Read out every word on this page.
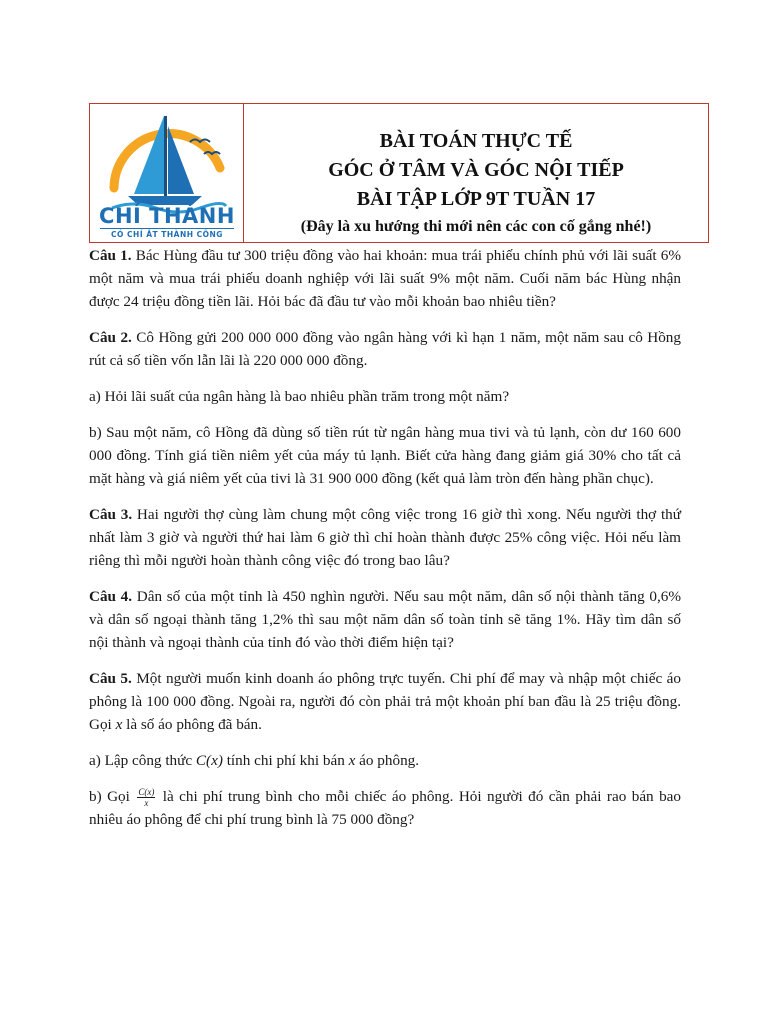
CHÍ THÀNH
CÓ CHÍ ẮT THÀNH CÔNG
BÀI TOÁN THỰC TẾ
GÓC Ở TÂM VÀ GÓC NỘI TIẾP
BÀI TẬP LỚP 9T TUẦN 17
(Đây là xu hướng thi mới nên các con cố gắng nhé!)

Câu 1. Bác Hùng đầu tư 300 triệu đồng vào hai khoản: mua trái phiếu chính phủ với lãi suất 6% một năm và mua trái phiếu doanh nghiệp với lãi suất 9% một năm. Cuối năm bác Hùng nhận được 24 triệu đồng tiền lãi. Hỏi bác đã đầu tư vào mỗi khoản bao nhiêu tiền?

Câu 2. Cô Hồng gửi 200 000 000 đồng vào ngân hàng với kì hạn 1 năm, một năm sau cô Hồng rút cả số tiền vốn lẫn lãi là 220 000 000 đồng.

a) Hỏi lãi suất của ngân hàng là bao nhiêu phần trăm trong một năm?

b) Sau một năm, cô Hồng đã dùng số tiền rút từ ngân hàng mua tivi và tủ lạnh, còn dư 160 600 000 đồng. Tính giá tiền niêm yết của máy tủ lạnh. Biết cửa hàng đang giảm giá 30% cho tất cả mặt hàng và giá niêm yết của tivi là 31 900 000 đồng (kết quả làm tròn đến hàng phần chục).

Câu 3. Hai người thợ cùng làm chung một công việc trong 16 giờ thì xong. Nếu người thợ thứ nhất làm 3 giờ và người thứ hai làm 6 giờ thì chỉ hoàn thành được 25% công việc. Hỏi nếu làm riêng thì mỗi người hoàn thành công việc đó trong bao lâu?

Câu 4. Dân số của một tỉnh là 450 nghìn người. Nếu sau một năm, dân số nội thành tăng 0,6% và dân số ngoại thành tăng 1,2% thì sau một năm dân số toàn tỉnh sẽ tăng 1%. Hãy tìm dân số nội thành và ngoại thành của tỉnh đó vào thời điểm hiện tại?

Câu 5. Một người muốn kinh doanh áo phông trực tuyến. Chi phí để may và nhập một chiếc áo phông là 100 000 đồng. Ngoài ra, người đó còn phải trả một khoản phí ban đầu là 25 triệu đồng. Gọi x là số áo phông đã bán.

a) Lập công thức C(x) tính chi phí khi bán x áo phông.

b) Gọi $\frac{C(x)}{x}$ là chi phí trung bình cho mỗi chiếc áo phông. Hỏi người đó cần phải rao bán bao nhiêu áo phông để chi phí trung bình là 75 000 đồng?
